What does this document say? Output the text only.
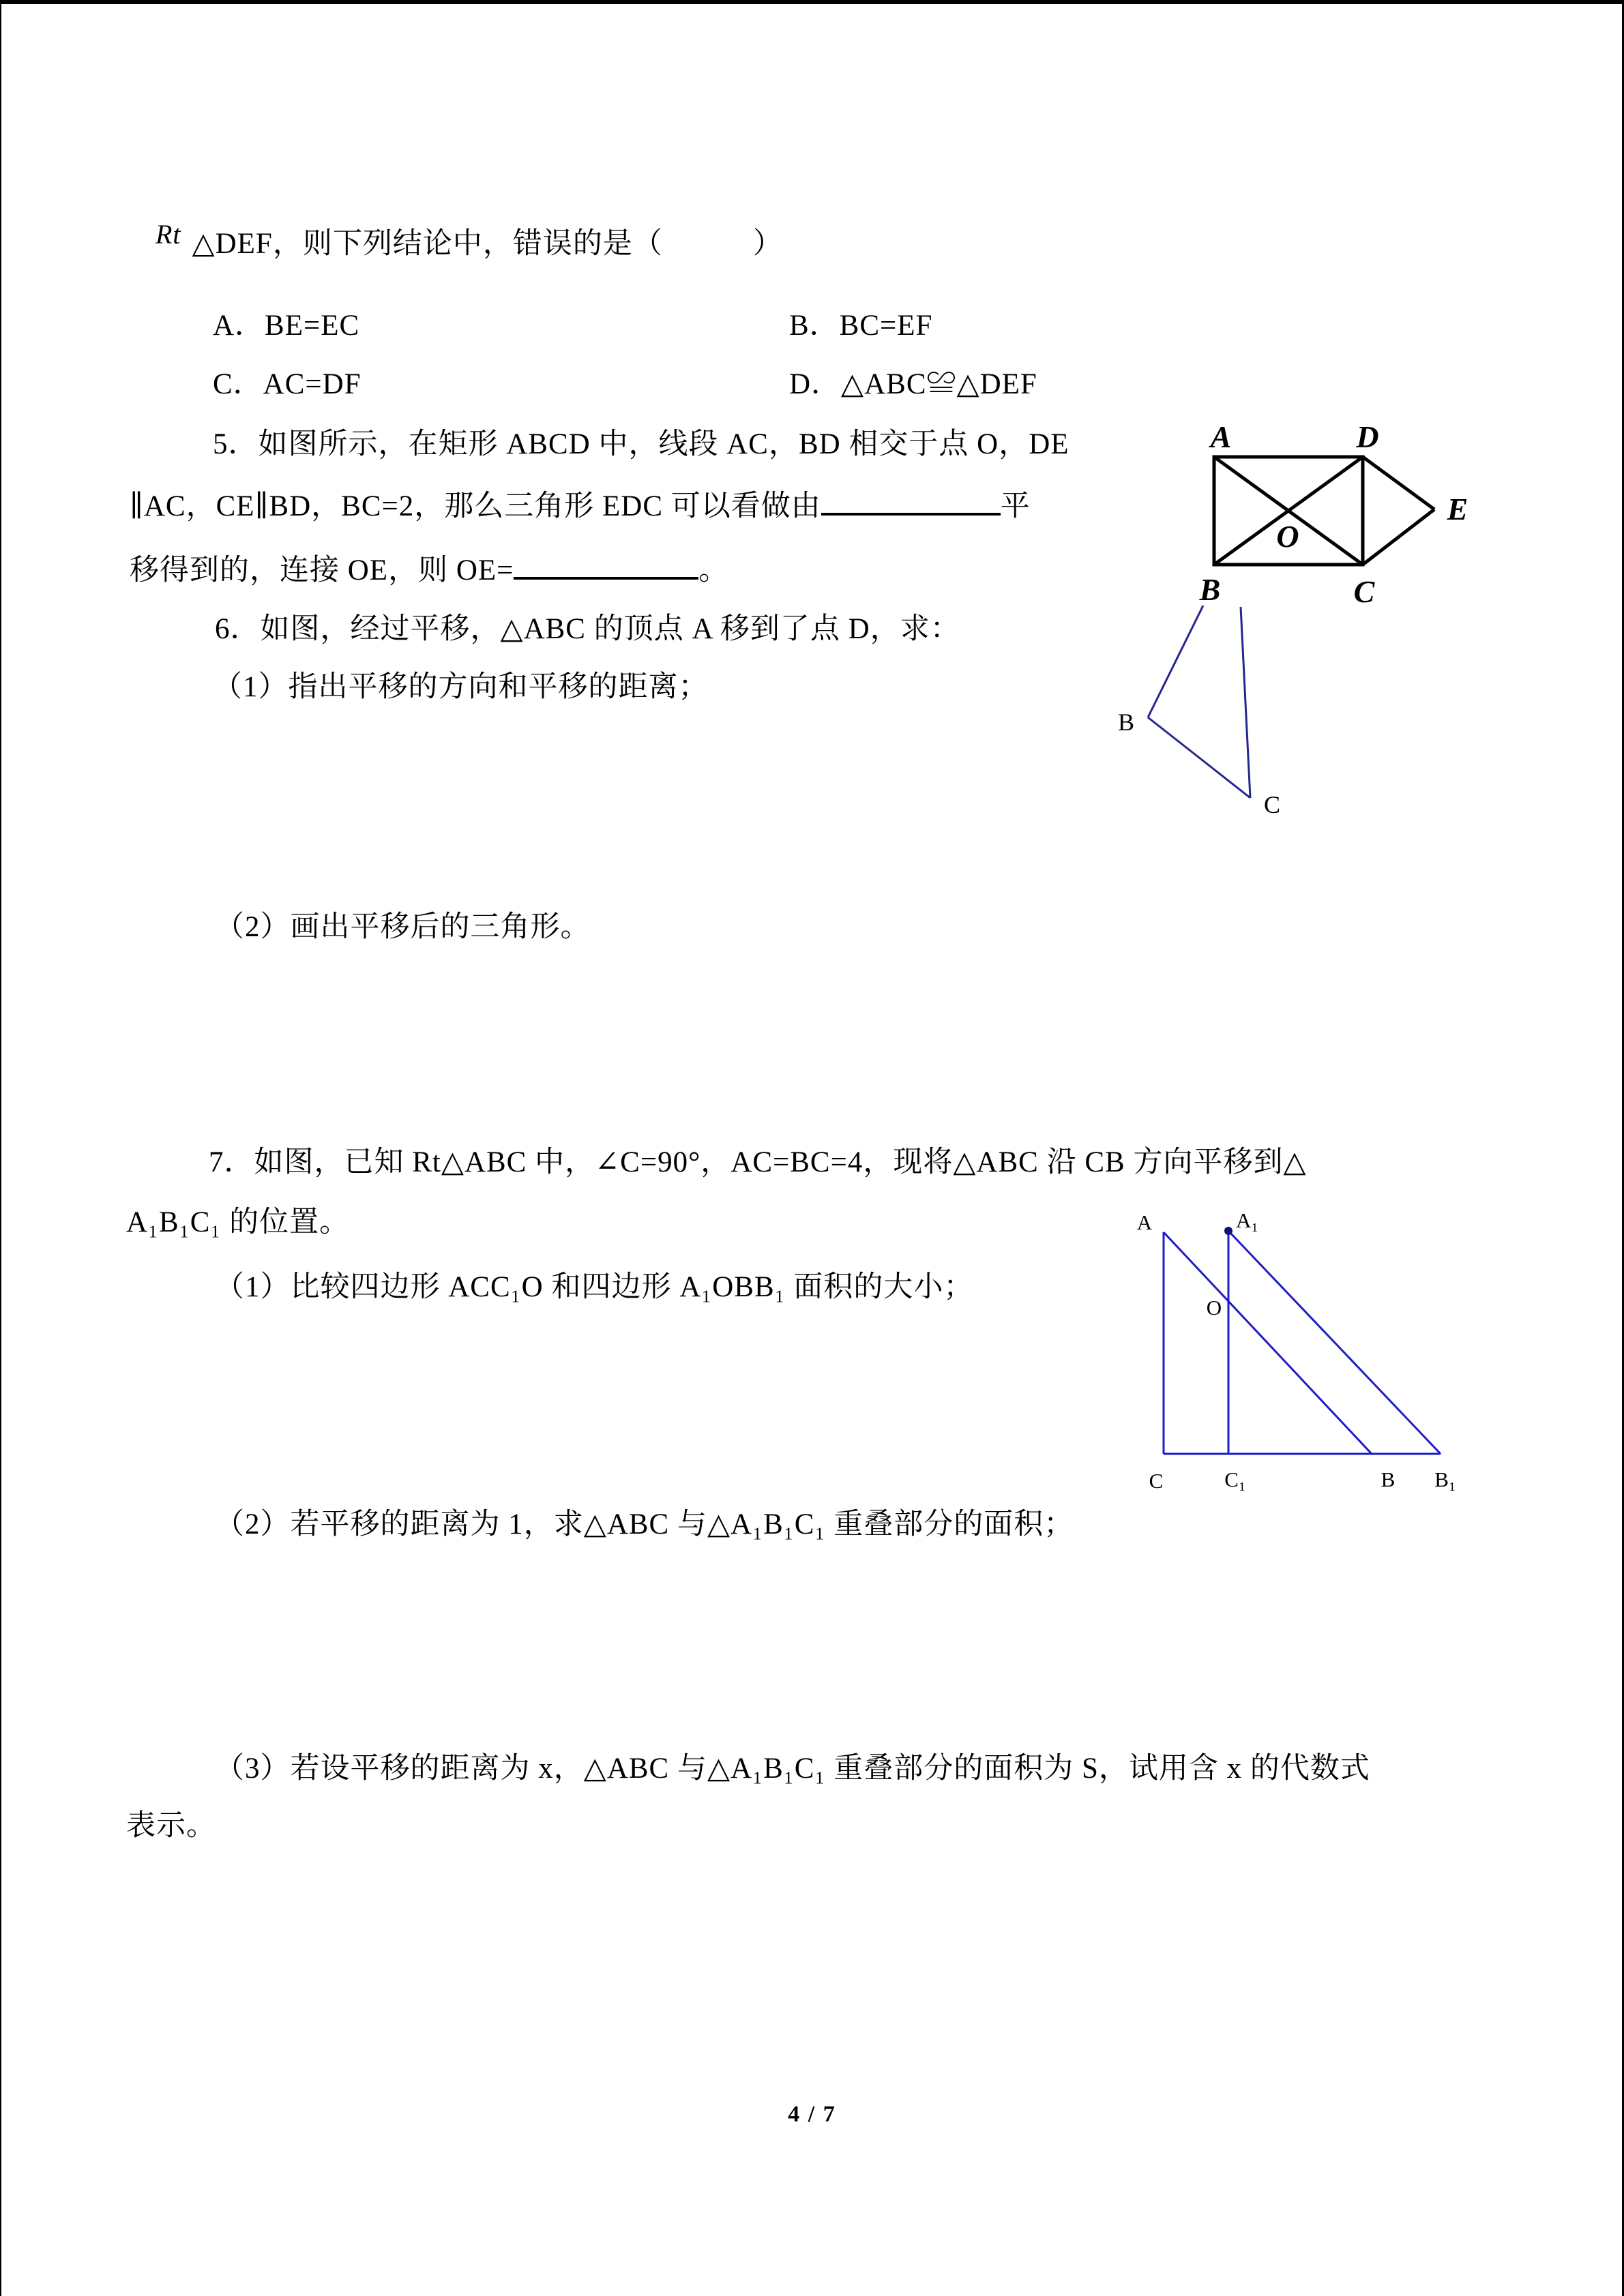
Rt △DEF，则下列结论中，错误的是（　　　）
A．BE=EC	B．BC=EF
C．AC=DF	D．△ABC≌△DEF
5．如图所示，在矩形 ABCD 中，线段 AC，BD 相交于点 O，DE
∥AC，CE∥BD，BC=2，那么三角形 EDC 可以看做由	平
移得到的，连接 OE，则 OE=	。
A	D
B	C
O
E
6．如图，经过平移，△ABC 的顶点 A 移到了点 D，求：
（1）指出平移的方向和平移的距离；
（2）画出平移后的三角形。
B
C
7．如图，已知 Rt△ABC 中，∠C=90°，AC=BC=4，现将△ABC 沿 CB 方向平移到△
A₁B₁C₁ 的位置。
（1）比较四边形 ACC₁O 和四边形 A₁OBB₁ 面积的大小；
（2）若平移的距离为 1，求△ABC 与△A₁B₁C₁ 重叠部分的面积；
（3）若设平移的距离为 x，△ABC 与△A₁B₁C₁ 重叠部分的面积为 S，试用含 x 的代数式
表示。
A	A₁
O
C	C₁	B B₁
4 / 7
